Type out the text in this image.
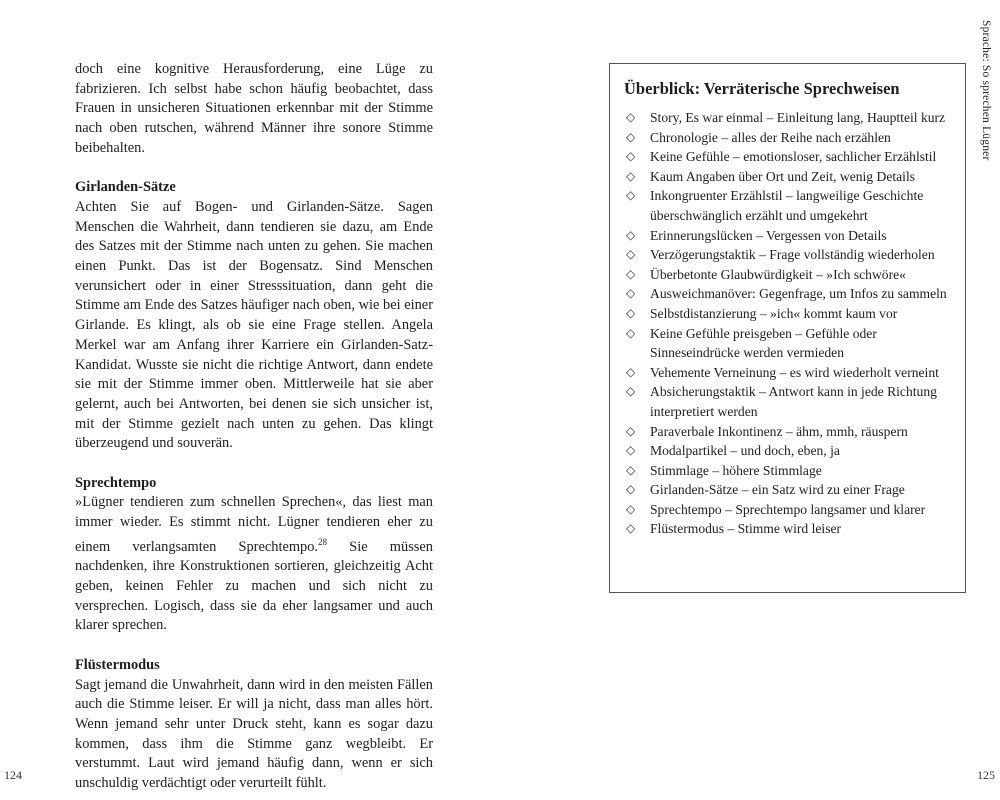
doch eine kognitive Herausforderung, eine Lüge zu fabrizieren. Ich selbst habe schon häufig beobachtet, dass Frauen in unsicheren Situationen erkennbar mit der Stimme nach oben rutschen, während Männer ihre sonore Stimme beibehalten.

Girlanden-Sätze

Achten Sie auf Bogen- und Girlanden-Sätze. Sagen Menschen die Wahrheit, dann tendieren sie dazu, am Ende des Satzes mit der Stimme nach unten zu gehen. Sie machen einen Punkt. Das ist der Bogensatz. Sind Menschen verunsichert oder in einer Stresssituation, dann geht die Stimme am Ende des Satzes häufiger nach oben, wie bei einer Girlande. Es klingt, als ob sie eine Frage stellen. Angela Merkel war am Anfang ihrer Karriere ein Girlanden-Satz-Kandidat. Wusste sie nicht die richtige Antwort, dann endete sie mit der Stimme immer oben. Mittlerweile hat sie aber gelernt, auch bei Antworten, bei denen sie sich unsicher ist, mit der Stimme gezielt nach unten zu gehen. Das klingt überzeugend und souverän.

Sprechtempo

»Lügner tendieren zum schnellen Sprechen«, das liest man immer wieder. Es stimmt nicht. Lügner tendieren eher zu einem verlangsamten Sprechtempo.$^{28}$ Sie müssen nachdenken, ihre Konstruktionen sortieren, gleichzeitig Acht geben, keinen Fehler zu machen und sich nicht zu versprechen. Logisch, dass sie da eher langsamer und auch klarer sprechen.

Flüstermodus

Sagt jemand die Unwahrheit, dann wird in den meisten Fällen auch die Stimme leiser. Er will ja nicht, dass man alles hört. Wenn jemand sehr unter Druck steht, kann es sogar dazu kommen, dass ihm die Stimme ganz wegbleibt. Er verstummt. Laut wird jemand häufig dann, wenn er sich unschuldig verdächtigt oder verurteilt fühlt.

124
Überblick: Verräterische Sprechweisen
◇ Story, Es war einmal – Einleitung lang, Hauptteil kurz
◇ Chronologie – alles der Reihe nach erzählen
◇ Keine Gefühle – emotionsloser, sachlicher Erzählstil
◇ Kaum Angaben über Ort und Zeit, wenig Details
◇ Inkongruenter Erzählstil – langweilige Geschichte überschwänglich erzählt und umgekehrt
◇ Erinnerungslücken – Vergessen von Details
◇ Verzögerungstaktik – Frage vollständig wiederholen
◇ Überbetonte Glaubwürdigkeit – »Ich schwöre«
◇ Ausweichmanöver: Gegenfrage, um Infos zu sammeln
◇ Selbstdistanzierung – »ich« kommt kaum vor
◇ Keine Gefühle preisgeben – Gefühle oder Sinneseindrücke werden vermieden
◇ Vehemente Verneinung – es wird wiederholt verneint
◇ Absicherungstaktik – Antwort kann in jede Richtung interpretiert werden
◇ Paraverbale Inkontinenz – ähm, mmh, räuspern
◇ Modalpartikel – und doch, eben, ja
◇ Stimmlage – höhere Stimmlage
◇ Girlanden-Sätze – ein Satz wird zu einer Frage
◇ Sprechtempo – Sprechtempo langsamer und klarer
◇ Flüstermodus – Stimme wird leiser
Sprache: So sprechen Lügner
125
